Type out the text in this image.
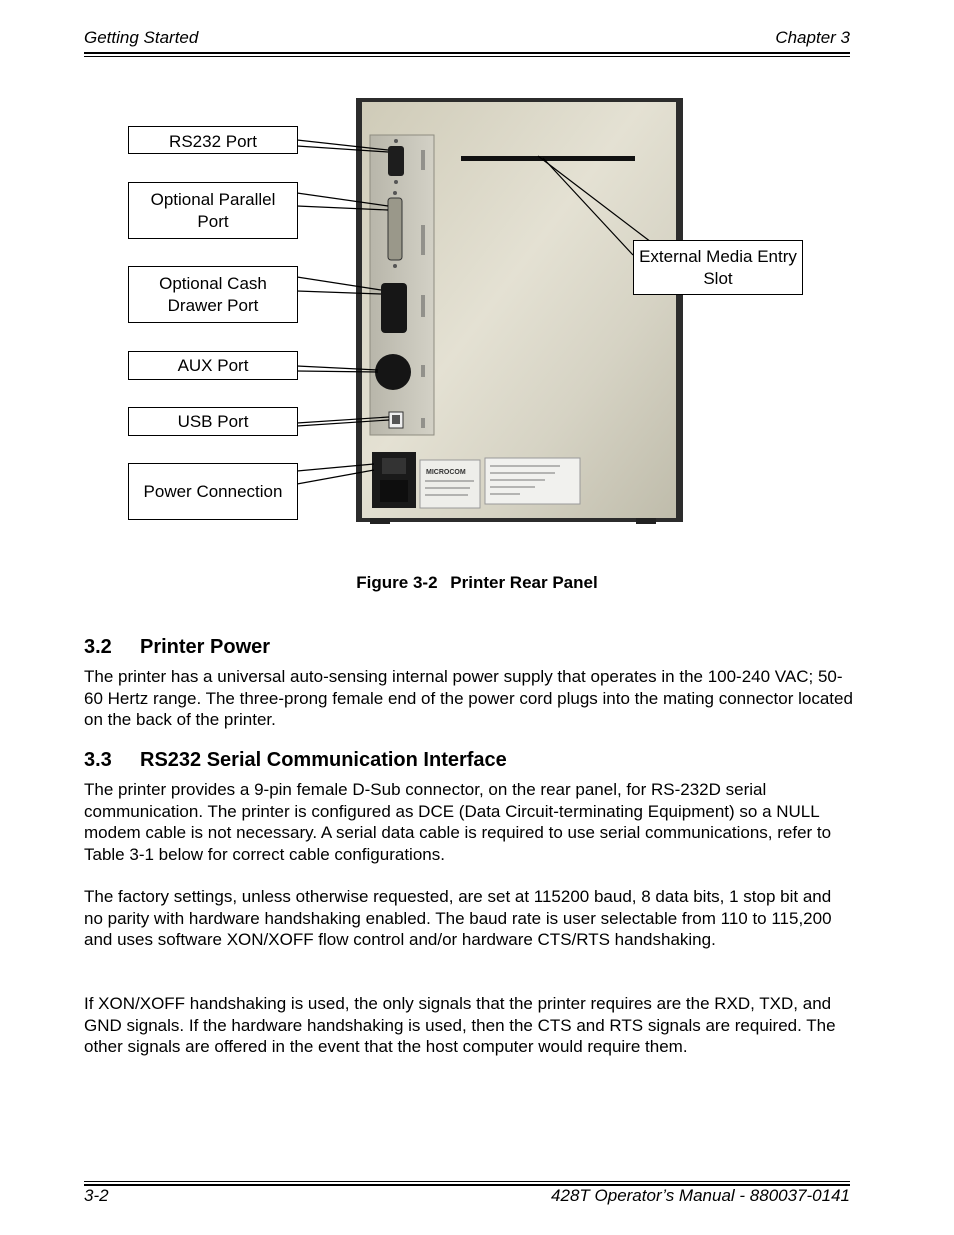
Getting Started	Chapter 3
MICROCOM
RS232 Port
Optional Parallel Port
Optional Cash Drawer Port
AUX Port
USB Port
Power Connection
External Media Entry Slot
Figure 3-2 Printer Rear Panel
3.2 Printer Power

The printer has a universal auto-sensing internal power supply that operates in the 100-240 VAC; 50-60 Hertz range. The three-prong female end of the power cord plugs into the mating connector located on the back of the printer.

3.3 RS232 Serial Communication Interface

The printer provides a 9-pin female D-Sub connector, on the rear panel, for RS-232D serial communication. The printer is configured as DCE (Data Circuit-terminating Equipment) so a NULL modem cable is not necessary. A serial data cable is required to use serial communications, refer to Table 3-1 below for correct cable configurations.

The factory settings, unless otherwise requested, are set at 115200 baud, 8 data bits, 1 stop bit and no parity with hardware handshaking enabled. The baud rate is user selectable from 110 to 115,200 and uses software XON/XOFF flow control and/or hardware CTS/RTS handshaking.

If XON/XOFF handshaking is used, the only signals that the printer requires are the RXD, TXD, and GND signals. If the hardware handshaking is used, then the CTS and RTS signals are required. The other signals are offered in the event that the host computer would require them.

3-2	428T Operator’s Manual - 880037-0141
